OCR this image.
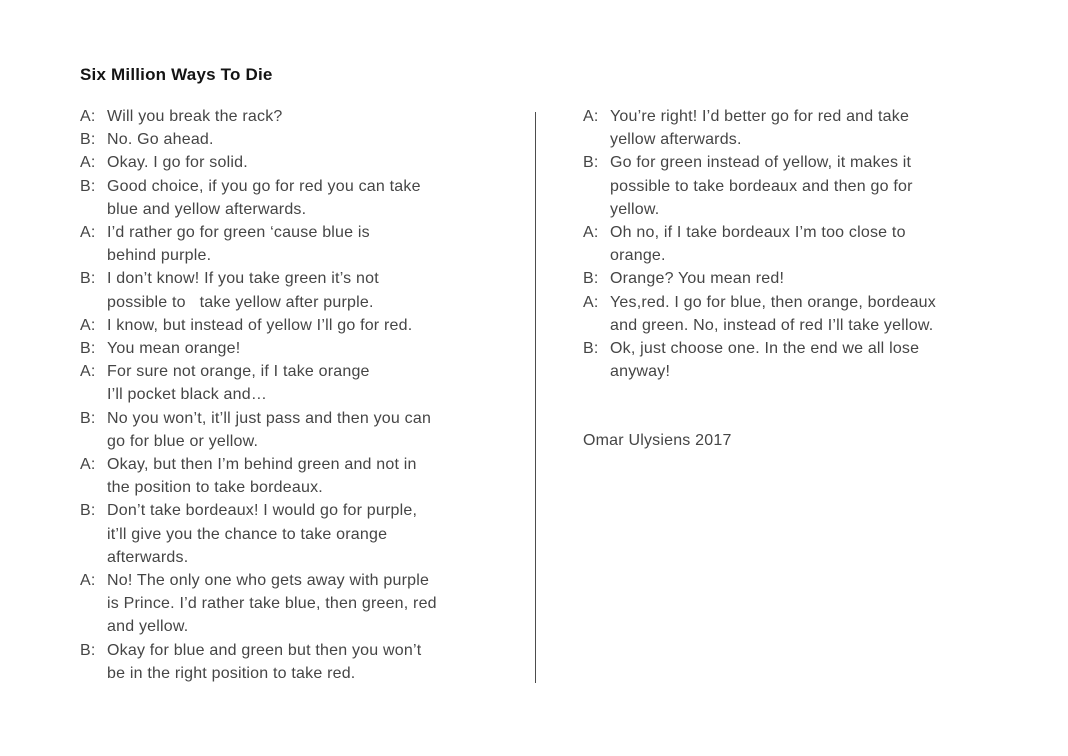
Six Million Ways To Die
A: Will you break the rack?
B: No. Go ahead.
A: Okay. I go for solid.
B: Good choice, if you go for red you can take
blue and yellow afterwards.
A: I’d rather go for green ‘cause blue is
behind purple.
B: I don’t know! If you take green it’s not
possible to   take yellow after purple.
A: I know, but instead of yellow I’ll go for red.
B: You mean orange!
A: For sure not orange, if I take orange
I’ll pocket black and…
B: No you won’t, it’ll just pass and then you can
go for blue or yellow.
A: Okay, but then I’m behind green and not in
the position to take bordeaux.
B: Don’t take bordeaux! I would go for purple,
it’ll give you the chance to take orange
afterwards.
A: No! The only one who gets away with purple
is Prince. I’d rather take blue, then green, red
and yellow.
B: Okay for blue and green but then you won’t
be in the right position to take red.
A: You’re right! I’d better go for red and take
yellow afterwards.
B: Go for green instead of yellow, it makes it
possible to take bordeaux and then go for
yellow.
A: Oh no, if I take bordeaux I’m too close to
orange.
B: Orange? You mean red!
A: Yes,red. I go for blue, then orange, bordeaux
and green. No, instead of red I’ll take yellow.
B: Ok, just choose one. In the end we all lose
anyway!
Omar Ulysiens 2017
